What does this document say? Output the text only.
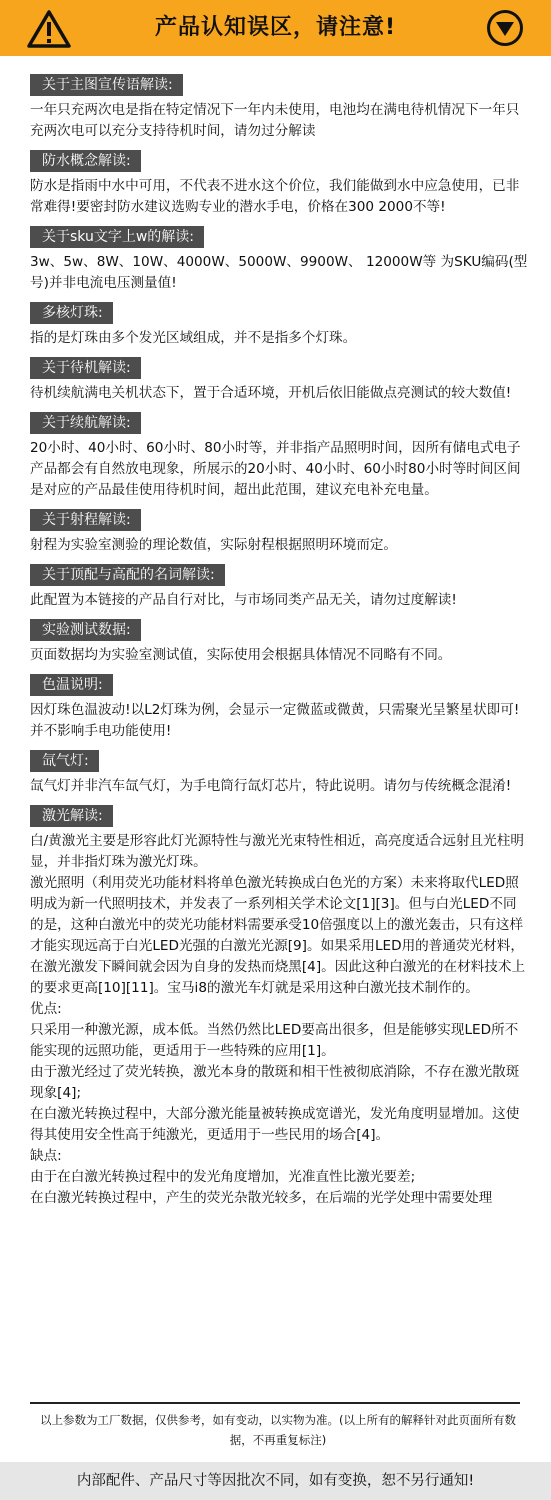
产品认知误区，请注意!
关于主图宣传语解读:
一年只充两次电是指在特定情况下一年内未使用，电池均在满电待机情况下一年只充两次电可以充分支持待机时间，请勿过分解读
防水概念解读:
防水是指雨中水中可用，不代表不进水这个价位，我们能做到水中应急使用，已非常难得!要密封防水建议选购专业的潜水手电，价格在300 2000不等!
关于sku文字上w的解读:
3w、5w、8W、10W、4000W、5000W、9900W、 12000W等 为SKU编码(型号)并非电流电压测量值!
多核灯珠:
指的是灯珠由多个发光区域组成，并不是指多个灯珠。
关于待机解读:
待机续航满电关机状态下，置于合适环境，开机后依旧能做点亮测试的较大数值!
关于续航解读:
20小时、40小时、60小时、80小时等，并非指产品照明时间，因所有储电式电子产品都会有自然放电现象，所展示的20小时、40小时、60小时80小时等时间区间是对应的产品最佳使用待机时间，超出此范围，建议充电补充电量。
关于射程解读:
射程为实验室测验的理论数值，实际射程根据照明环境而定。
关于顶配与高配的名词解读:
此配置为本链接的产品自行对比，与市场同类产品无关，请勿过度解读!
实验测试数据:
页面数据均为实验室测试值，实际使用会根据具体情况不同略有不同。
色温说明:
因灯珠色温波动!以L2灯珠为例，会显示一定微蓝或微黄，只需聚光呈繁星状即可! 并不影响手电功能使用!
氙气灯:
氙气灯并非汽车氙气灯，为手电筒行氙灯芯片，特此说明。请勿与传统概念混淆!
激光解读:
白/黄激光主要是形容此灯光源特性与激光光束特性相近，高亮度适合远射且光柱明显，并非指灯珠为激光灯珠。
激光照明（利用荧光功能材料将单色激光转换成白色光的方案）未来将取代LED照明成为新一代照明技术，并发表了一系列相关学术论文[1][3]。但与白光LED不同的是，这种白激光中的荧光功能材料需要承受10倍强度以上的激光轰击，只有这样才能实现远高于白光LED光强的白激光光源[9]。如果采用LED用的普通荧光材料，在激光激发下瞬间就会因为自身的发热而烧黑[4]。因此这种白激光的在材料技术上的要求更高[10][11]。宝马i8的激光车灯就是采用这种白激光技术制作的。
优点:
只采用一种激光源，成本低。当然仍然比LED要高出很多，但是能够实现LED所不能实现的远照功能，更适用于一些特殊的应用[1]。
由于激光经过了荧光转换，激光本身的散斑和相干性被彻底消除，不存在激光散斑现象[4];
在白激光转换过程中，大部分激光能量被转换成宽谱光，发光角度明显增加。这使得其使用安全性高于纯激光，更适用于一些民用的场合[4]。
缺点:
由于在白激光转换过程中的发光角度增加，光准直性比激光要差;
在白激光转换过程中，产生的荧光杂散光较多，在后端的光学处理中需要处理
以上参数为工厂数据，仅供参考，如有变动，以实物为准。(以上所有的解释针对此页面所有数据，不再重复标注)
内部配件、产品尺寸等因批次不同，如有变换，恕不另行通知!
